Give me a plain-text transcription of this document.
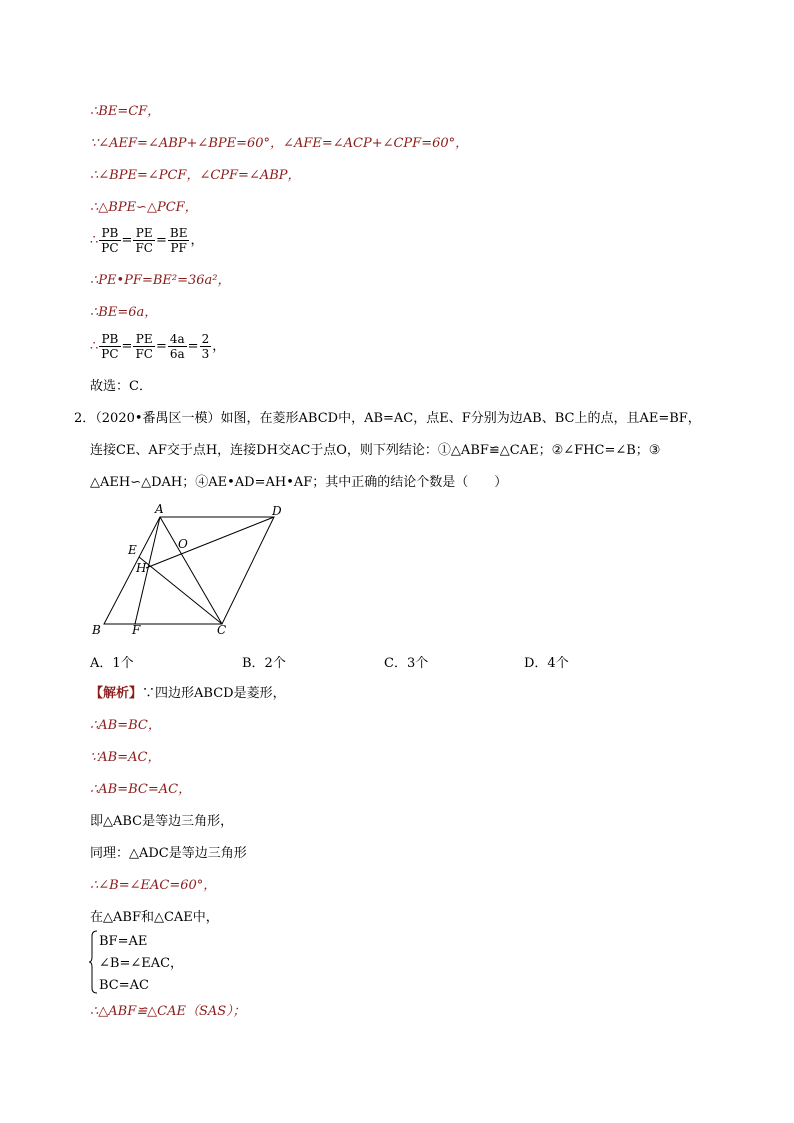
∴BE=CF，
∵∠AEF=∠ABP+∠BPE=60°，∠AFE=∠ACP+∠CPF=60°，
∴∠BPE=∠PCF，∠CPF=∠ABP，
∴△BPE∽△PCF，
∴ $\frac{PB}{PC} = \frac{PE}{FC} = \frac{BE}{PF}$ ，
∴PE•PF=BE²=36a²，
∴BE=6a，
∴ $\frac{PB}{PC} = \frac{PE}{FC} = \frac{4a}{6a} = \frac{2}{3}$ ，
故选：C．
2．（2020•番禺区一模）如图，在菱形ABCD中，AB=AC，点E、F分别为边AB、BC上的点，且AE=BF，
连接CE、AF交于点H，连接DH交AC于点O，则下列结论：①△ABF≌△CAE；②∠FHC=∠B；③
△AEH∽△DAH；④AE•AD=AH•AF；其中正确的结论个数是（　　）
A	D
E	O
H
B	F	C
A．1个	B．2个	C．3个	D．4个
【解析】∵四边形ABCD是菱形，
∴AB=BC，
∵AB=AC，
∴AB=BC=AC，
即△ABC是等边三角形，
同理：△ADC是等边三角形
∴∠B=∠EAC=60°，
在△ABF和△CAE中，
BF=AE
∠B=∠EAC，
BC=AC
∴△ABF≌△CAE（SAS）；
